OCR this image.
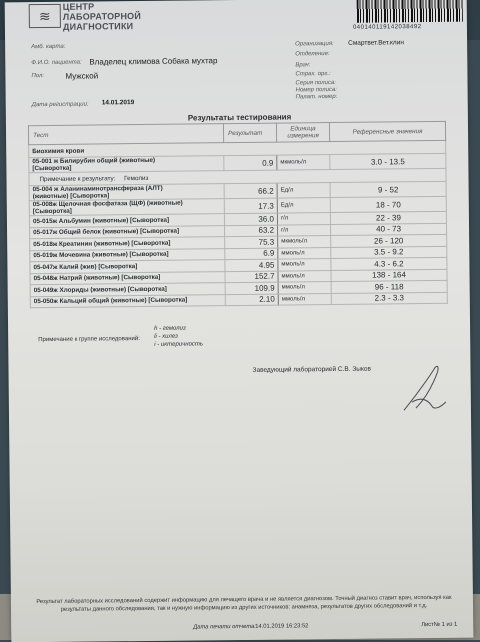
≋
ЦЕНТР
ЛАБОРАТОРНОЙ
ДИАГНОСТИКИ	040140119142038492
Амб. карта:
Ф.И.О. пациента: Владелец климова Собака мухтар
Пол:	Мужской
Дата регистрации: 14.01.2019
Организация: Смартвет.Вет.клин
Отделение:
Врач:
Страх. орг.:
Серия полиса:
Номер полиса:
Палат. номер:
Результаты тестирования
Тест	Результат	Единица
измерения	Референсные значения
Биохимия крови			
05-001 ж Билирубин общий (животные)
[Сыворотка]	0.9	мкмоль/л	3.0 - 13.5
Примечание к результату: Гемолиз			
05-004 ж Аланинаминотрансфераза (АЛТ)
(животные) [Сыворотка]	66.2	Ед/л	9 - 52
05-008ж Щелочная фосфатаза (ЩФ) (животные)
[Сыворотка]	17.3	Ед/л	18 - 70
05-015ж Альбумин (животные) [Сыворотка]	36.0	г/л	22 - 39
05-017ж Общий белок (животные) [Сыворотка]	63.2	г/л	40 - 73
05-018ж Креатинин (животные) [Сыворотка]	75.3	мкмоль/л	26 - 120
05-019ж Мочевина (животные) [Сыворотка]	6.9	ммоль/л	3.5 - 9.2
05-047ж Калий (жив) [Сыворотка]	4.95	ммоль/л	4.3 - 6.2
05-048ж Натрий (животные) [Сыворотка]	152.7	ммоль/л	138 - 164
05-049ж Хлориды (животные) [Сыворотка]	109.9	ммоль/л	96 - 118
05-050ж Кальций общий (животные) [Сыворотка]	2.10	ммоль/л	2.3 - 3.3
Примечание к группе исследований:
h - гемолиз
li - хилез
i - иктеричность
Заведующий лабораторией С.В. Зыков
Результат лабораторных исследований содержит информацию для лечащего врача и не является диагнозом. Точный диагноз ставит врач, используя как результаты данного обследования, так и нужную информацию из других источников: анамнеза, результатов других обследований и т.д.
Дата печати отчета: 14.01.2019 16:23:52	Лист№ 1 из 1
